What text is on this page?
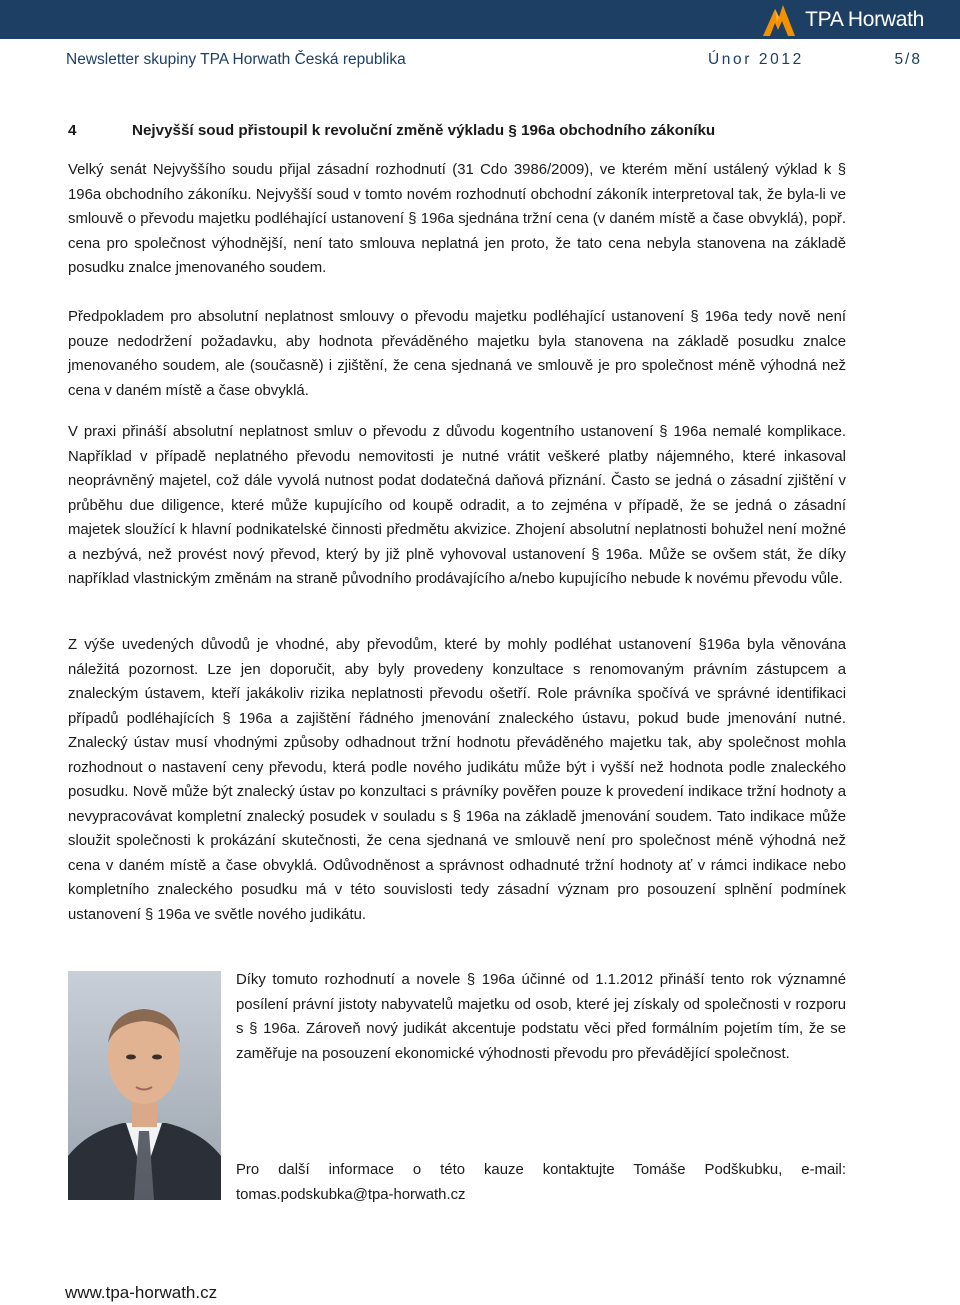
TPA Horwath
Newsletter skupiny TPA Horwath Česká republika	Únor 2012	5/8
4	Nejvyšší soud přistoupil k revoluční změně výkladu § 196a obchodního zákoníku

Velký senát Nejvyššího soudu přijal zásadní rozhodnutí (31 Cdo 3986/2009), ve kterém mění ustálený výklad k § 196a obchodního zákoníku. Nejvyšší soud v tomto novém rozhodnutí obchodní zákoník interpretoval tak, že byla-li ve smlouvě o převodu majetku podléhající ustanovení § 196a sjednána tržní cena (v daném místě a čase obvyklá), popř. cena pro společnost výhodnější, není tato smlouva neplatná jen proto, že tato cena nebyla stanovena na základě posudku znalce jmenovaného soudem.

Předpokladem pro absolutní neplatnost smlouvy o převodu majetku podléhající ustanovení § 196a tedy nově není pouze nedodržení požadavku, aby hodnota převáděného majetku byla stanovena na základě posudku znalce jmenovaného soudem, ale (současně) i zjištění, že cena sjednaná ve smlouvě je pro společnost méně výhodná než cena v daném místě a čase obvyklá.

V praxi přináší absolutní neplatnost smluv o převodu z důvodu kogentního ustanovení § 196a nemalé komplikace. Například v případě neplatného převodu nemovitosti je nutné vrátit veškeré platby nájemného, které inkasoval neoprávněný majetel, což dále vyvolá nutnost podat dodatečná daňová přiznání. Často se jedná o zásadní zjištění v průběhu due diligence, které může kupujícího od koupě odradit, a to zejména v případě, že se jedná o zásadní majetek sloužící k hlavní podnikatelské činnosti předmětu akvizice. Zhojení absolutní neplatnosti bohužel není možné a nezbývá, než provést nový převod, který by již plně vyhovoval ustanovení § 196a. Může se ovšem stát, že díky například vlastnickým změnám na straně původního prodávajícího a/nebo kupujícího nebude k novému převodu vůle.

Z výše uvedených důvodů je vhodné, aby převodům, které by mohly podléhat ustanovení §196a byla věnována náležitá pozornost. Lze jen doporučit, aby byly provedeny konzultace s renomovaným právním zástupcem a znaleckým ústavem, kteří jakákoliv rizika neplatnosti převodu ošetří. Role právníka spočívá ve správné identifikaci případů podléhajících § 196a a zajištění řádného jmenování znaleckého ústavu, pokud bude jmenování nutné. Znalecký ústav musí vhodnými způsoby odhadnout tržní hodnotu převáděného majetku tak, aby společnost mohla rozhodnout o nastavení ceny převodu, která podle nového judikátu může být i vyšší než hodnota podle znaleckého posudku. Nově může být znalecký ústav po konzultaci s právníky pověřen pouze k provedení indikace tržní hodnoty a nevypracovávat kompletní znalecký posudek v souladu s § 196a na základě jmenování soudem. Tato indikace může sloužit společnosti k prokázání skutečnosti, že cena sjednaná ve smlouvě není pro společnost méně výhodná než cena v daném místě a čase obvyklá. Odůvodněnost a správnost odhadnuté tržní hodnoty ať v rámci indikace nebo kompletního znaleckého posudku má v této souvislosti tedy zásadní význam pro posouzení splnění podmínek ustanovení § 196a ve světle nového judikátu.

Díky tomuto rozhodnutí a novele § 196a účinné od 1.1.2012 přináší tento rok významné posílení právní jistoty nabyvatelů majetku od osob, které jej získaly od společnosti v rozporu s § 196a. Zároveň nový judikát akcentuje podstatu věci před formálním pojetím tím, že se zaměřuje na posouzení ekonomické výhodnosti převodu pro převádějící společnost.

Pro další informace o této kauze kontaktujte Tomáše Podškubku, e-mail: tomas.podskubka@tpa-horwath.cz

www.tpa-horwath.cz
